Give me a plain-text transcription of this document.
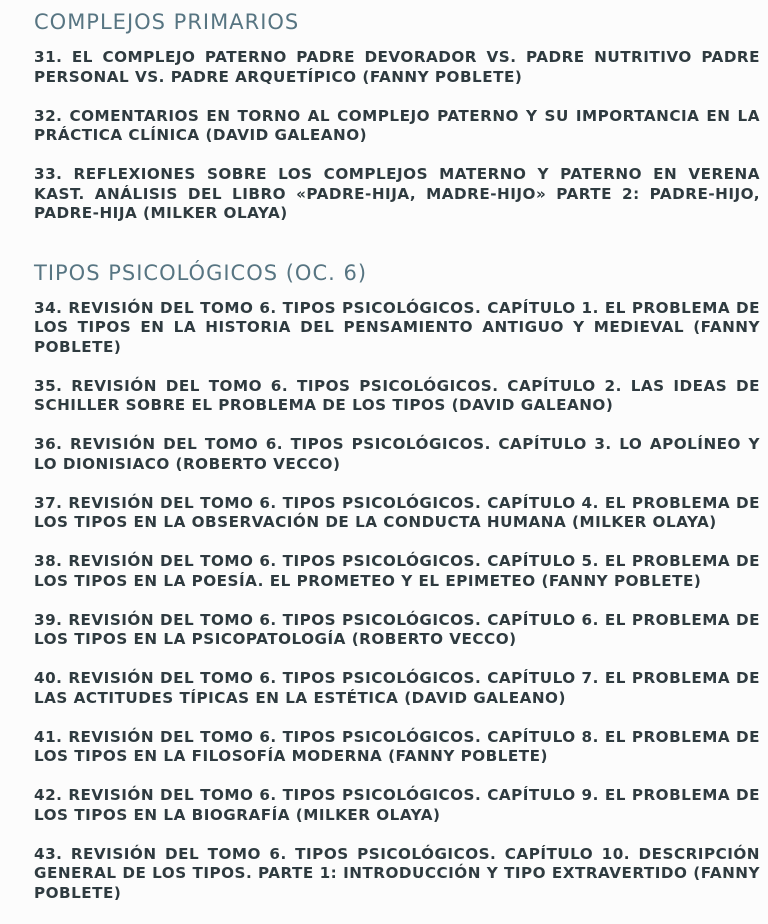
COMPLEJOS PRIMARIOS

31. EL COMPLEJO PATERNO PADRE DEVORADOR VS. PADRE NUTRITIVO PADRE PERSONAL VS. PADRE ARQUETÍPICO (FANNY POBLETE)

32. COMENTARIOS EN TORNO AL COMPLEJO PATERNO Y SU IMPORTANCIA EN LA PRÁCTICA CLÍNICA (DAVID GALEANO)

33. REFLEXIONES SOBRE LOS COMPLEJOS MATERNO Y PATERNO EN VERENA KAST. ANÁLISIS DEL LIBRO «PADRE-HIJA, MADRE-HIJO» PARTE 2: PADRE-HIJO, PADRE-HIJA (MILKER OLAYA)

TIPOS PSICOLÓGICOS (OC. 6)

34. REVISIÓN DEL TOMO 6. TIPOS PSICOLÓGICOS. CAPÍTULO 1. EL PROBLEMA DE LOS TIPOS EN LA HISTORIA DEL PENSAMIENTO ANTIGUO Y MEDIEVAL (FANNY POBLETE)

35. REVISIÓN DEL TOMO 6. TIPOS PSICOLÓGICOS. CAPÍTULO 2. LAS IDEAS DE SCHILLER SOBRE EL PROBLEMA DE LOS TIPOS (DAVID GALEANO)

36. REVISIÓN DEL TOMO 6. TIPOS PSICOLÓGICOS. CAPÍTULO 3. LO APOLÍNEO Y LO DIONISIACO (ROBERTO VECCO)

37. REVISIÓN DEL TOMO 6. TIPOS PSICOLÓGICOS. CAPÍTULO 4. EL PROBLEMA DE LOS TIPOS EN LA OBSERVACIÓN DE LA CONDUCTA HUMANA (MILKER OLAYA)

38. REVISIÓN DEL TOMO 6. TIPOS PSICOLÓGICOS. CAPÍTULO 5. EL PROBLEMA DE LOS TIPOS EN LA POESÍA. EL PROMETEO Y EL EPIMETEO (FANNY POBLETE)

39. REVISIÓN DEL TOMO 6. TIPOS PSICOLÓGICOS. CAPÍTULO 6. EL PROBLEMA DE LOS TIPOS EN LA PSICOPATOLOGÍA (ROBERTO VECCO)

40. REVISIÓN DEL TOMO 6. TIPOS PSICOLÓGICOS. CAPÍTULO 7. EL PROBLEMA DE LAS ACTITUDES TÍPICAS EN LA ESTÉTICA (DAVID GALEANO)

41. REVISIÓN DEL TOMO 6. TIPOS PSICOLÓGICOS. CAPÍTULO 8. EL PROBLEMA DE LOS TIPOS EN LA FILOSOFÍA MODERNA (FANNY POBLETE)

42. REVISIÓN DEL TOMO 6. TIPOS PSICOLÓGICOS. CAPÍTULO 9. EL PROBLEMA DE LOS TIPOS EN LA BIOGRAFÍA (MILKER OLAYA)

43. REVISIÓN DEL TOMO 6. TIPOS PSICOLÓGICOS. CAPÍTULO 10. DESCRIPCIÓN GENERAL DE LOS TIPOS. PARTE 1: INTRODUCCIÓN Y TIPO EXTRAVERTIDO (FANNY POBLETE)
